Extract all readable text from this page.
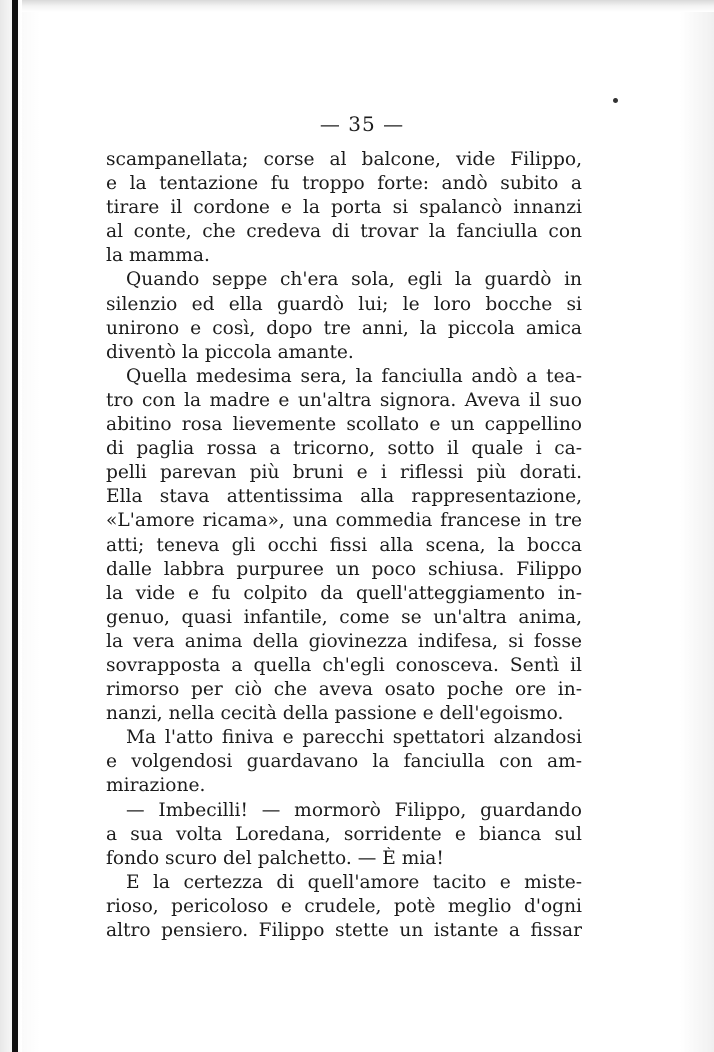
— 35 —
scampanellata; corse al balcone, vide Filippo,
e la tentazione fu troppo forte: andò subito a
tirare il cordone e la porta si spalancò innanzi
al conte, che credeva di trovar la fanciulla con
la mamma.
Quando seppe ch'era sola, egli la guardò in
silenzio ed ella guardò lui; le loro bocche si
unirono e così, dopo tre anni, la piccola amica
diventò la piccola amante.
Quella medesima sera, la fanciulla andò a tea-
tro con la madre e un'altra signora. Aveva il suo
abitino rosa lievemente scollato e un cappellino
di paglia rossa a tricorno, sotto il quale i ca-
pelli parevan più bruni e i riflessi più dorati.
Ella stava attentissima alla rappresentazione,
«L'amore ricama», una commedia francese in tre
atti; teneva gli occhi fissi alla scena, la bocca
dalle labbra purpuree un poco schiusa. Filippo
la vide e fu colpito da quell'atteggiamento in-
genuo, quasi infantile, come se un'altra anima,
la vera anima della giovinezza indifesa, si fosse
sovrapposta a quella ch'egli conosceva. Sentì il
rimorso per ciò che aveva osato poche ore in-
nanzi, nella cecità della passione e dell'egoismo.
Ma l'atto finiva e parecchi spettatori alzandosi
e volgendosi guardavano la fanciulla con am-
mirazione.
— Imbecilli! — mormorò Filippo, guardando
a sua volta Loredana, sorridente e bianca sul
fondo scuro del palchetto. — È mia!
E la certezza di quell'amore tacito e miste-
rioso, pericoloso e crudele, potè meglio d'ogni
altro pensiero. Filippo stette un istante a fissar
